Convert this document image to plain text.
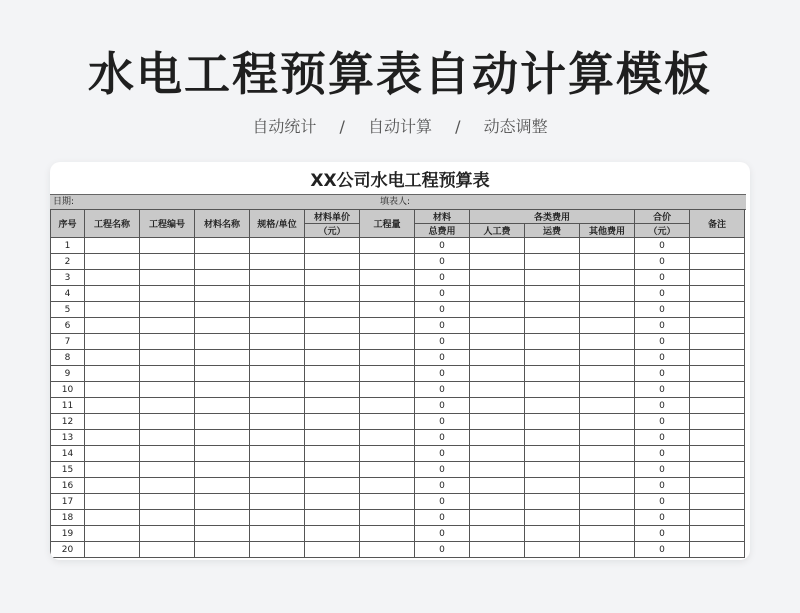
水电工程预算表自动计算模板
自动统计 / 自动计算 / 动态调整
XX公司水电工程预算表
日期:	填表人:
序号	工程名称	工程编号	材料名称	规格/单位	材料单价	工程量	材料	各类费用			合价	备注
					（元）		总费用	人工费	运费	其他费用	（元）	
1							0				0	
2							0				0	
3							0				0	
4							0				0	
5							0				0	
6							0				0	
7							0				0	
8							0				0	
9							0				0	
10							0				0	
11							0				0	
12							0				0	
13							0				0	
14							0				0	
15							0				0	
16							0				0	
17							0				0	
18							0				0	
19							0				0	
20							0				0	
